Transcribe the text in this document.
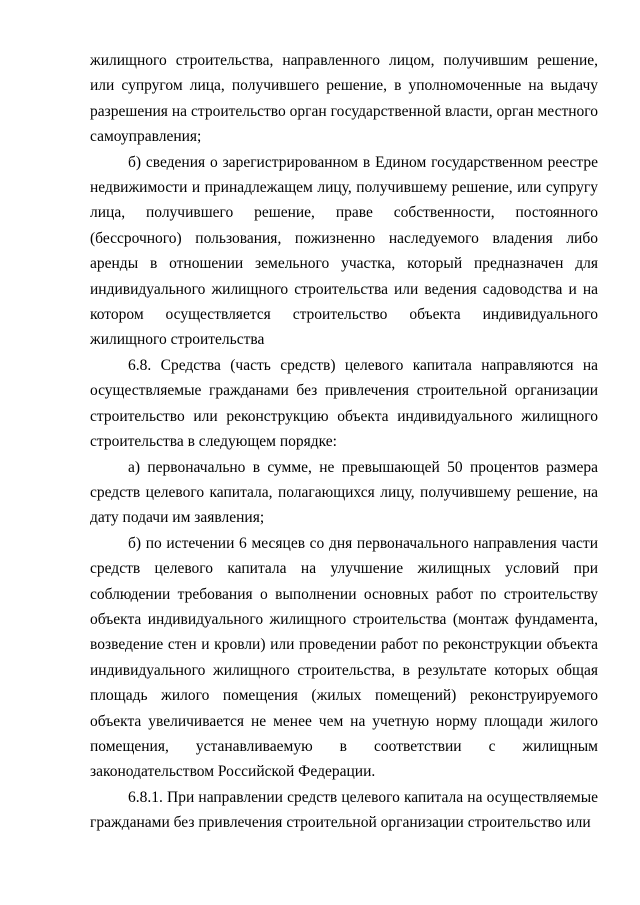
жилищного строительства, направленного лицом, получившим решение, или супругом лица, получившего решение, в уполномоченные на выдачу разрешения на строительство орган государственной власти, орган местного самоуправления;

б) сведения о зарегистрированном в Едином государственном реестре недвижимости и принадлежащем лицу, получившему решение, или супругу лица, получившего решение, праве собственности, постоянного (бессрочного) пользования, пожизненно наследуемого владения либо аренды в отношении земельного участка, который предназначен для индивидуального жилищного строительства или ведения садоводства и на котором осуществляется строительство объекта индивидуального жилищного строительства

6.8. Средства (часть средств) целевого капитала направляются на осуществляемые гражданами без привлечения строительной организации строительство или реконструкцию объекта индивидуального жилищного строительства в следующем порядке:

а) первоначально в сумме, не превышающей 50 процентов размера средств целевого капитала, полагающихся лицу, получившему решение, на дату подачи им заявления;

б) по истечении 6 месяцев со дня первоначального направления части средств целевого капитала на улучшение жилищных условий при соблюдении требования о выполнении основных работ по строительству объекта индивидуального жилищного строительства (монтаж фундамента, возведение стен и кровли) или проведении работ по реконструкции объекта индивидуального жилищного строительства, в результате которых общая площадь жилого помещения (жилых помещений) реконструируемого объекта увеличивается не менее чем на учетную норму площади жилого помещения, устанавливаемую в соответствии с жилищным законодательством Российской Федерации.

6.8.1. При направлении средств целевого капитала на осуществляемые гражданами без привлечения строительной организации строительство или
